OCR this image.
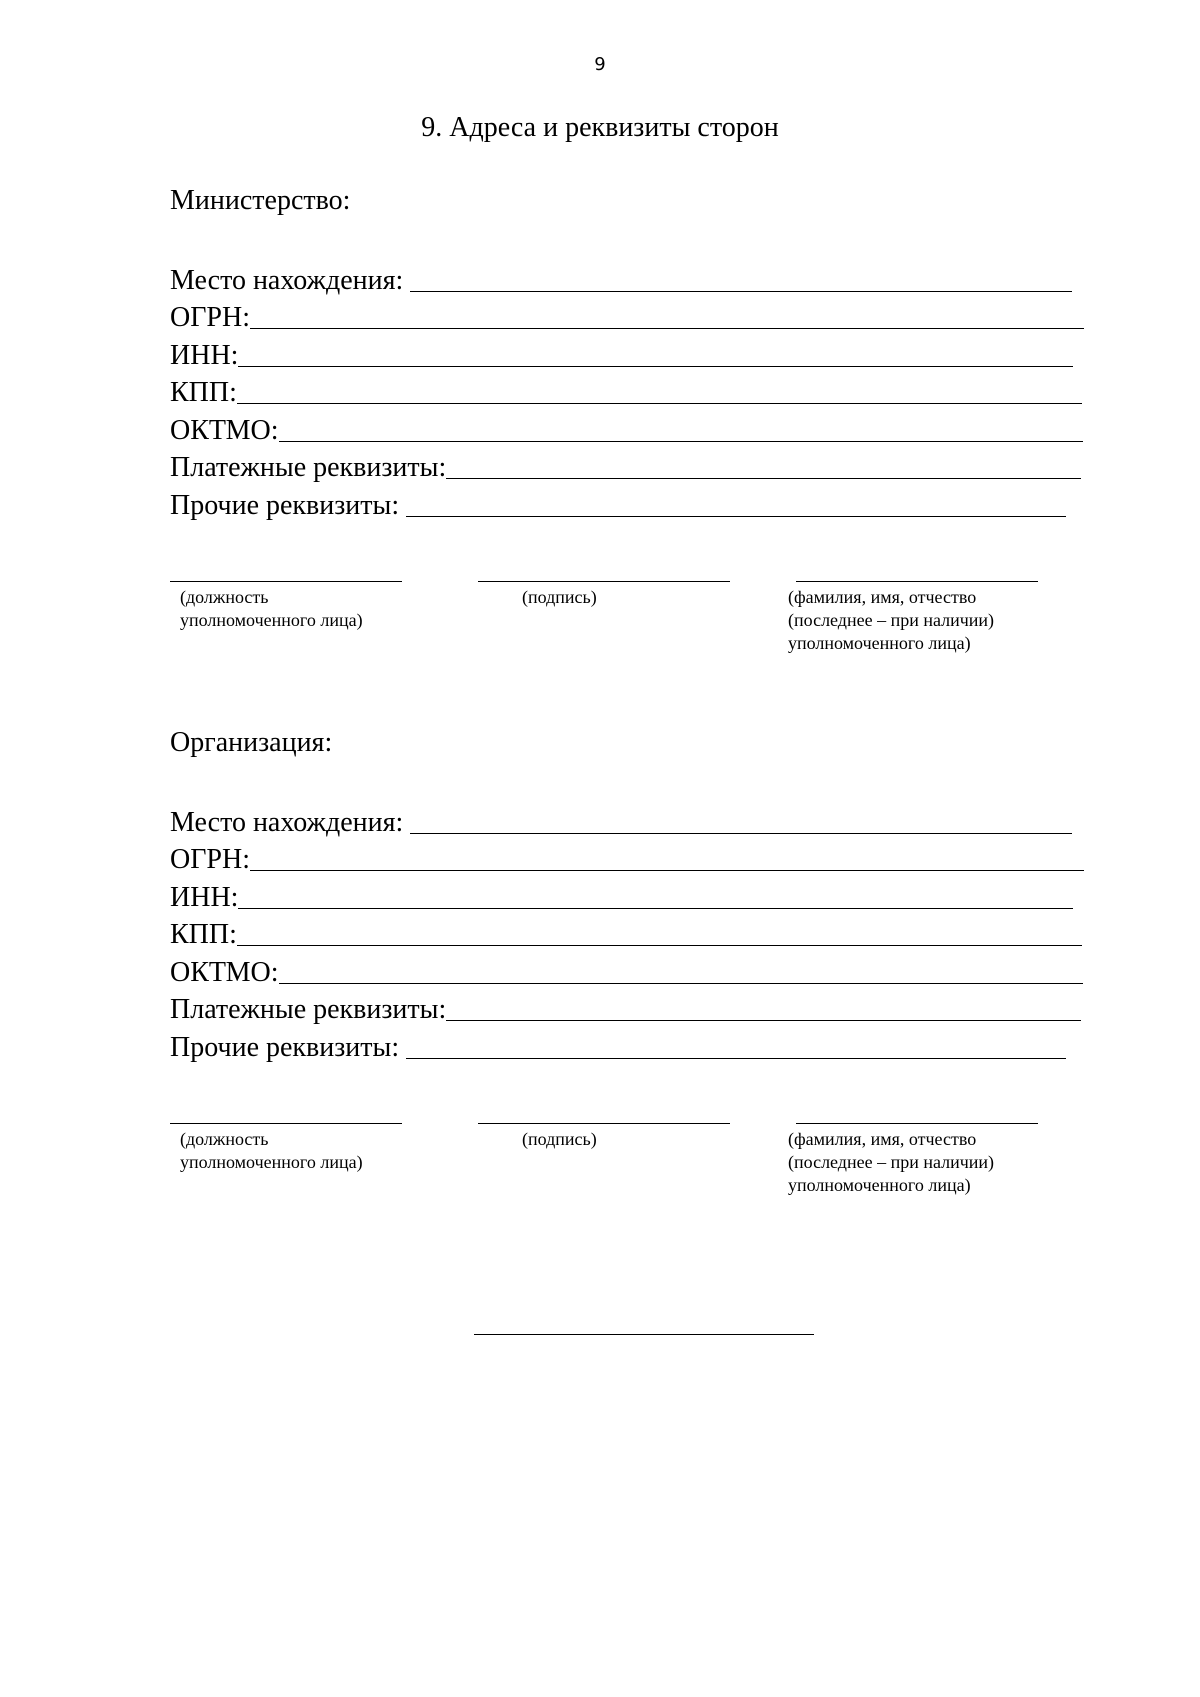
9
9. Адреса и реквизиты сторон
Министерство:
Место нахождения:
ОГРН:
ИНН:
КПП:
ОКТМО:
Платежные реквизиты:
Прочие реквизиты:
(должность
уполномоченного лица)
(подпись)	(фамилия, имя, отчество
(последнее – при наличии)
уполномоченного лица)
Организация:
Место нахождения:
ОГРН:
ИНН:
КПП:
ОКТМО:
Платежные реквизиты:
Прочие реквизиты:
(должность
уполномоченного лица)
(подпись)	(фамилия, имя, отчество
(последнее – при наличии)
уполномоченного лица)
